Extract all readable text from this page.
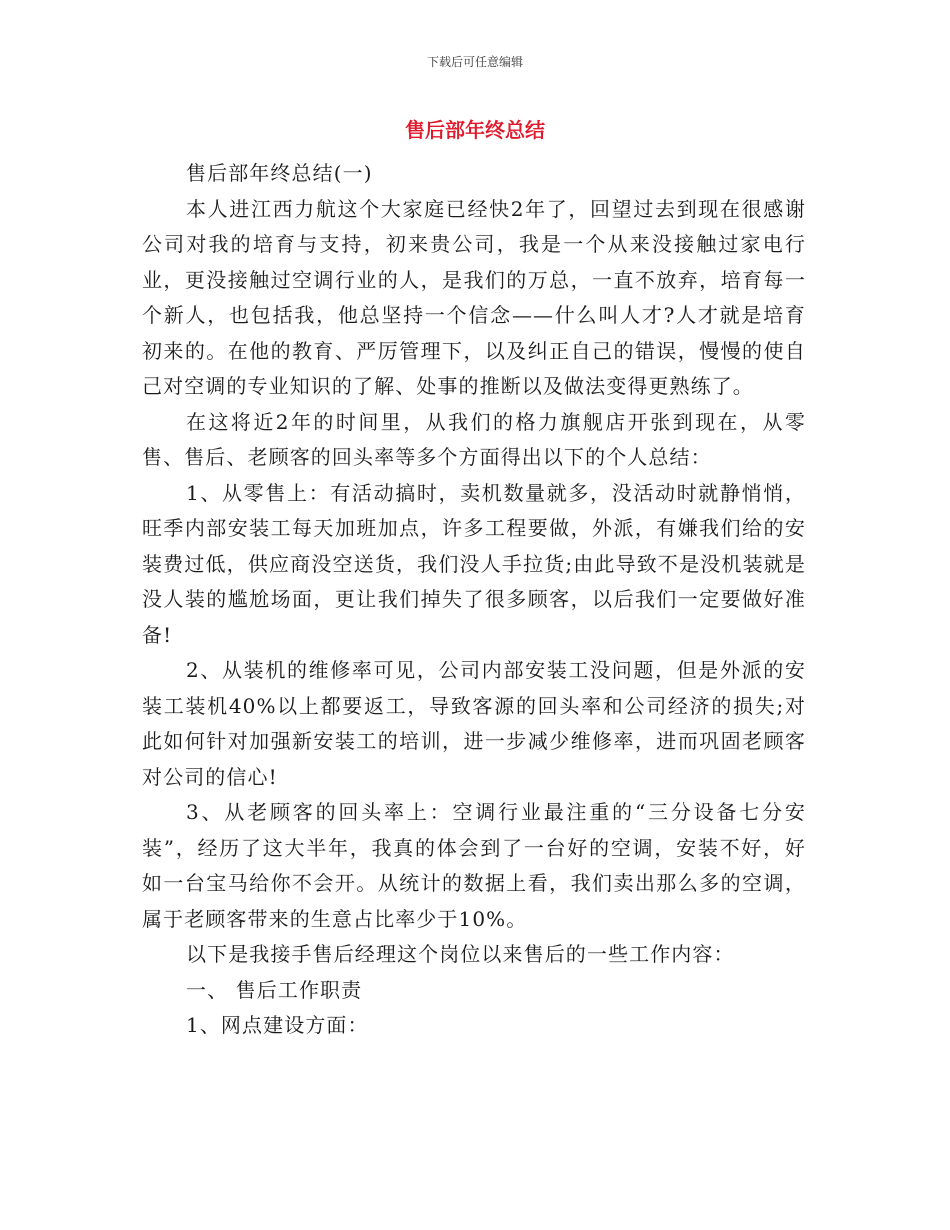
下载后可任意编辑
售后部年终总结

售后部年终总结(一)

本人进江西力航这个大家庭已经快2年了，回望过去到现在很感谢公司对我的培育与支持，初来贵公司，我是一个从来没接触过家电行业，更没接触过空调行业的人，是我们的万总，一直不放弃，培育每一个新人，也包括我，他总坚持一个信念——什么叫人才?人才就是培育初来的。在他的教育、严厉管理下，以及纠正自己的错误，慢慢的使自己对空调的专业知识的了解、处事的推断以及做法变得更熟练了。

在这将近2年的时间里，从我们的格力旗舰店开张到现在，从零售、售后、老顾客的回头率等多个方面得出以下的个人总结：

1、从零售上：有活动搞时，卖机数量就多，没活动时就静悄悄，旺季内部安装工每天加班加点，许多工程要做，外派，有嫌我们给的安装费过低，供应商没空送货，我们没人手拉货;由此导致不是没机装就是没人装的尴尬场面，更让我们掉失了很多顾客，以后我们一定要做好准备!

2、从装机的维修率可见，公司内部安装工没问题，但是外派的安装工装机40%以上都要返工，导致客源的回头率和公司经济的损失;对此如何针对加强新安装工的培训，进一步减少维修率，进而巩固老顾客对公司的信心!

3、从老顾客的回头率上：空调行业最注重的“三分设备七分安装”，经历了这大半年，我真的体会到了一台好的空调，安装不好，好如一台宝马给你不会开。从统计的数据上看，我们卖出那么多的空调，属于老顾客带来的生意占比率少于10%。

以下是我接手售后经理这个岗位以来售后的一些工作内容：

一、 售后工作职责

1、网点建设方面：
